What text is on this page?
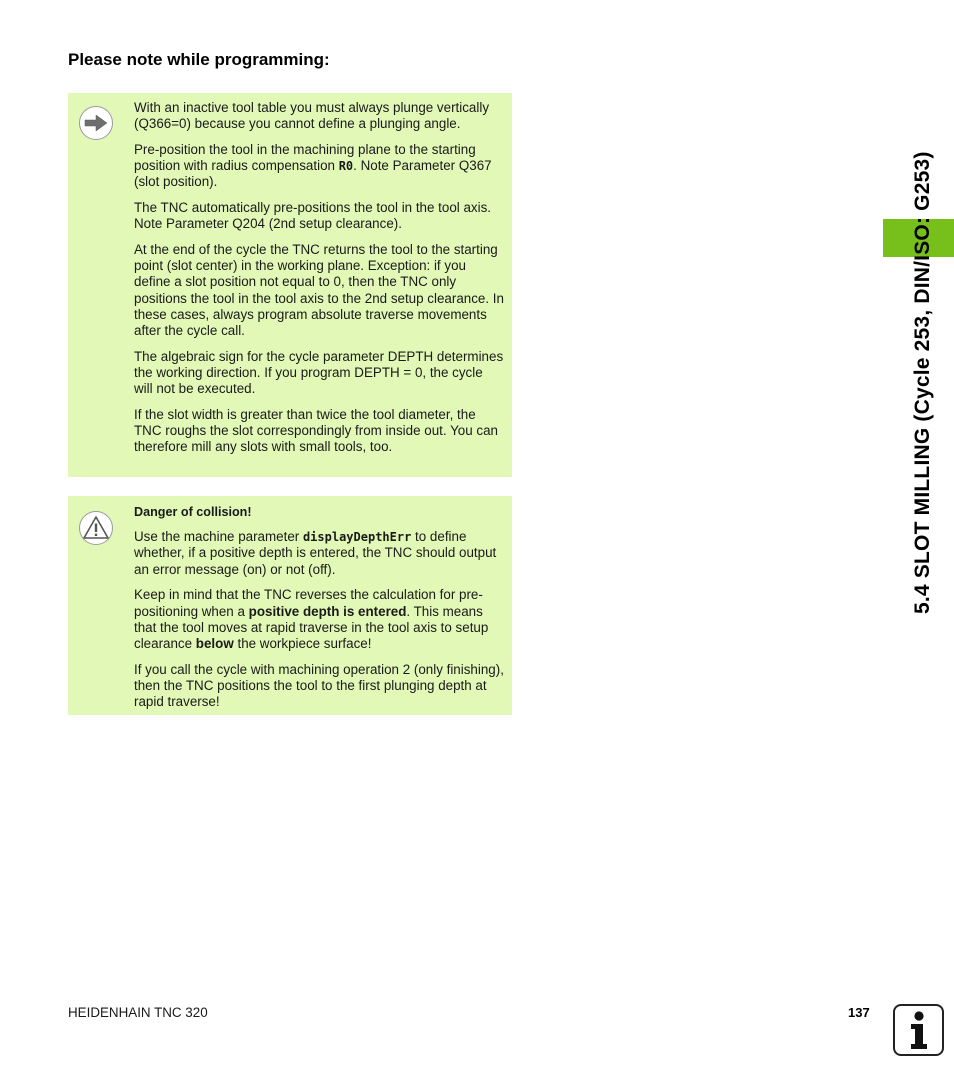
Please note while programming:

With an inactive tool table you must always plunge vertically (Q366=0) because you cannot define a plunging angle.

Pre-position the tool in the machining plane to the starting position with radius compensation R0. Note Parameter Q367 (slot position).

The TNC automatically pre-positions the tool in the tool axis. Note Parameter Q204 (2nd setup clearance).

At the end of the cycle the TNC returns the tool to the starting point (slot center) in the working plane. Exception: if you define a slot position not equal to 0, then the TNC only positions the tool in the tool axis to the 2nd setup clearance. In these cases, always program absolute traverse movements after the cycle call.

The algebraic sign for the cycle parameter DEPTH determines the working direction. If you program DEPTH = 0, the cycle will not be executed.

If the slot width is greater than twice the tool diameter, the TNC roughs the slot correspondingly from inside out. You can therefore mill any slots with small tools, too.

Danger of collision!

Use the machine parameter displayDepthErr to define whether, if a positive depth is entered, the TNC should output an error message (on) or not (off).

Keep in mind that the TNC reverses the calculation for pre-positioning when a positive depth is entered. This means that the tool moves at rapid traverse in the tool axis to setup clearance below the workpiece surface!

If you call the cycle with machining operation 2 (only finishing), then the TNC positions the tool to the first plunging depth at rapid traverse!

5.4 SLOT MILLING (Cycle 253, DIN/ISO: G253)
HEIDENHAIN TNC 320	137
